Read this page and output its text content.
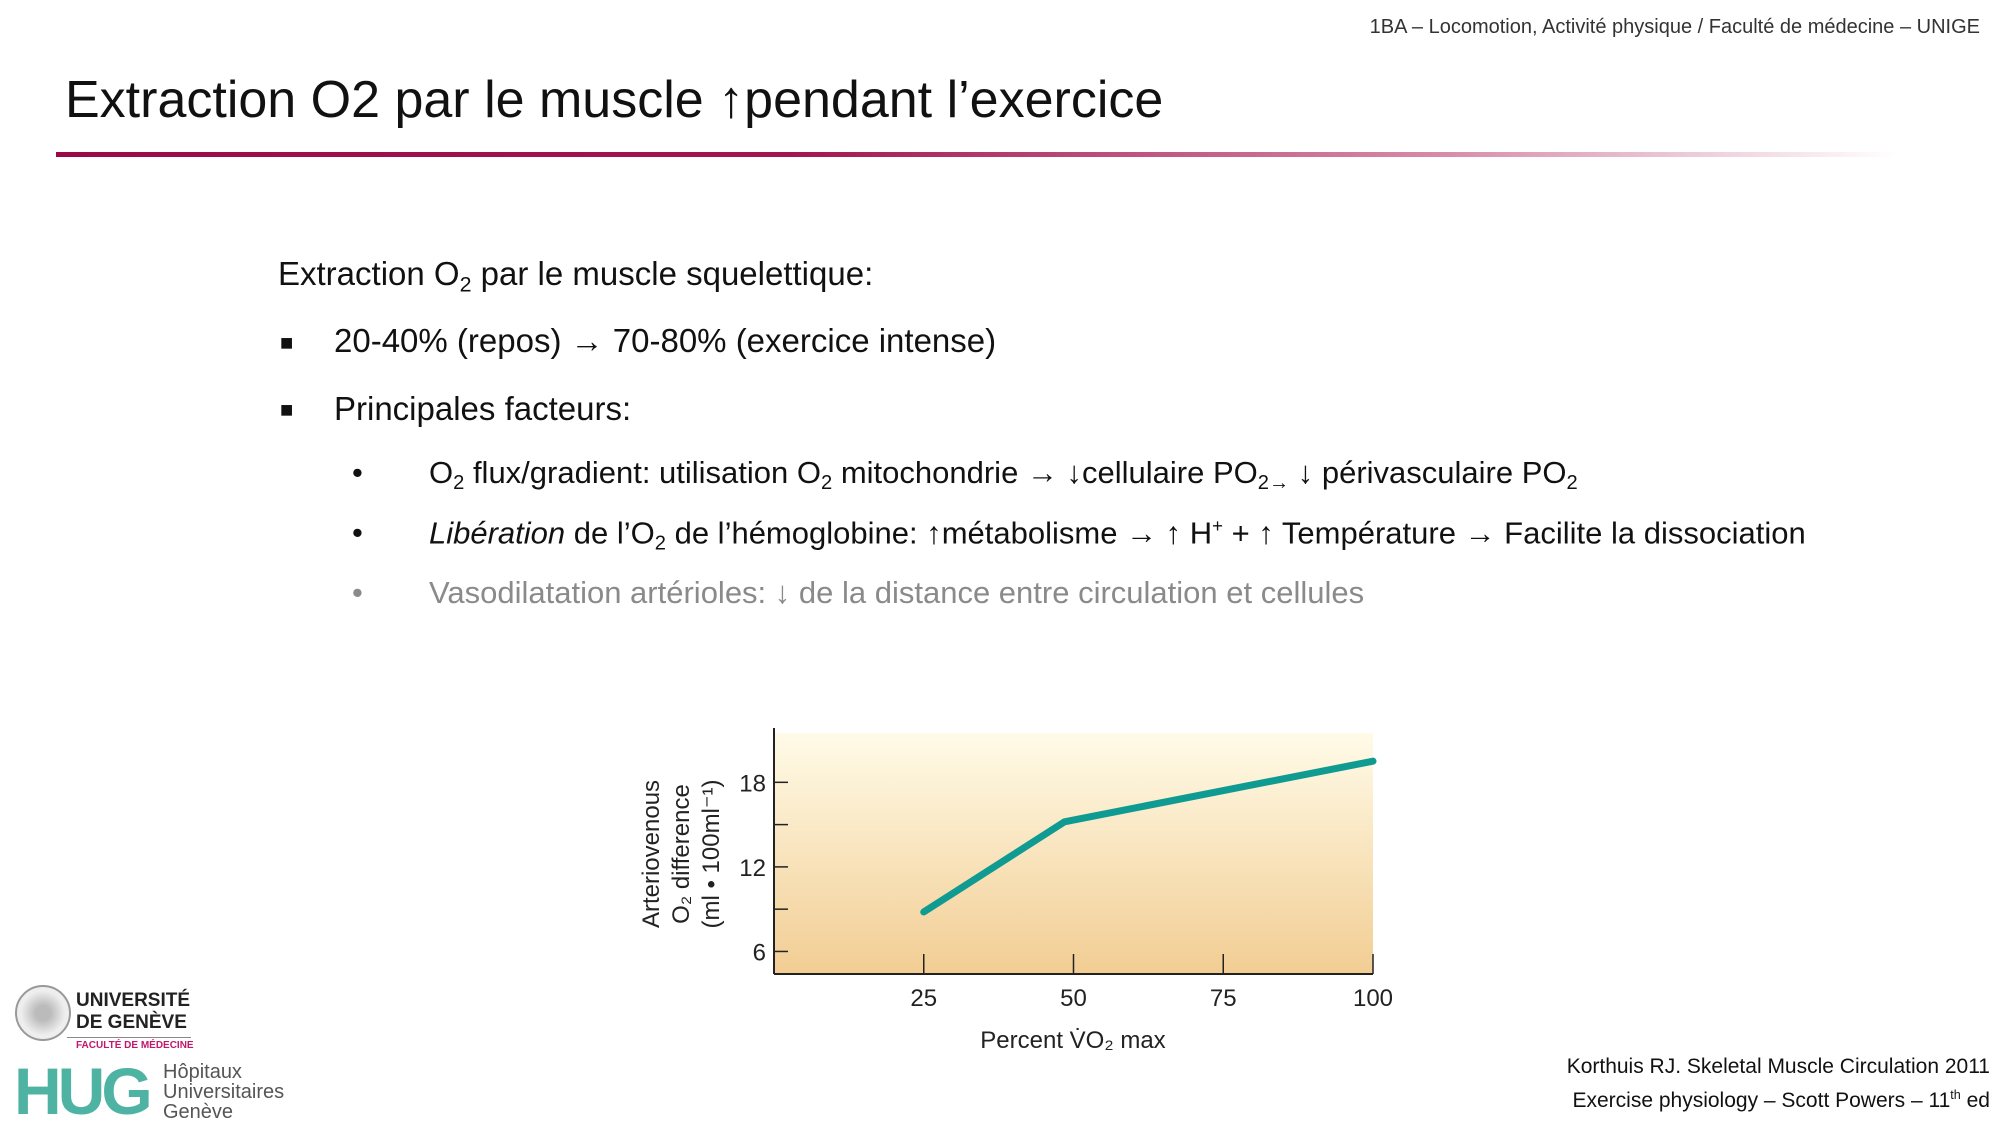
1BA – Locomotion, Activité physique / Faculté de médecine – UNIGE
Extraction O2 par le muscle ↑pendant l’exercice
Extraction $O_2$ par le muscle squelettique:
■ 20-40% (repos) → 70-80% (exercice intense)
■ Principales facteurs:
• $O_2$ flux/gradient: utilisation $O_2$ mitochondrie → ↓cellulaire $PO_{2\to}$ ↓ périvasculaire $PO_2$
• Libération de $l’O_2$ de l’hémoglobine: ↑métabolisme → ↑ H+ + ↑ Température → Facilite la dissociation
• Vasodilatation artérioles: ↓ de la distance entre circulation et cellules
6
12
18
25	50	75	100
Percent V̇O₂ max
Arteriovenous O₂ difference (ml • 100ml⁻¹)
UNIVERSITÉ
DE GENÈVE
FACULTÉ DE MÉDECINE
HUG Hôpitaux
Universitaires
Genève
Korthuis RJ. Skeletal Muscle Circulation 2011
Exercise physiology – Scott Powers – 11th ed
